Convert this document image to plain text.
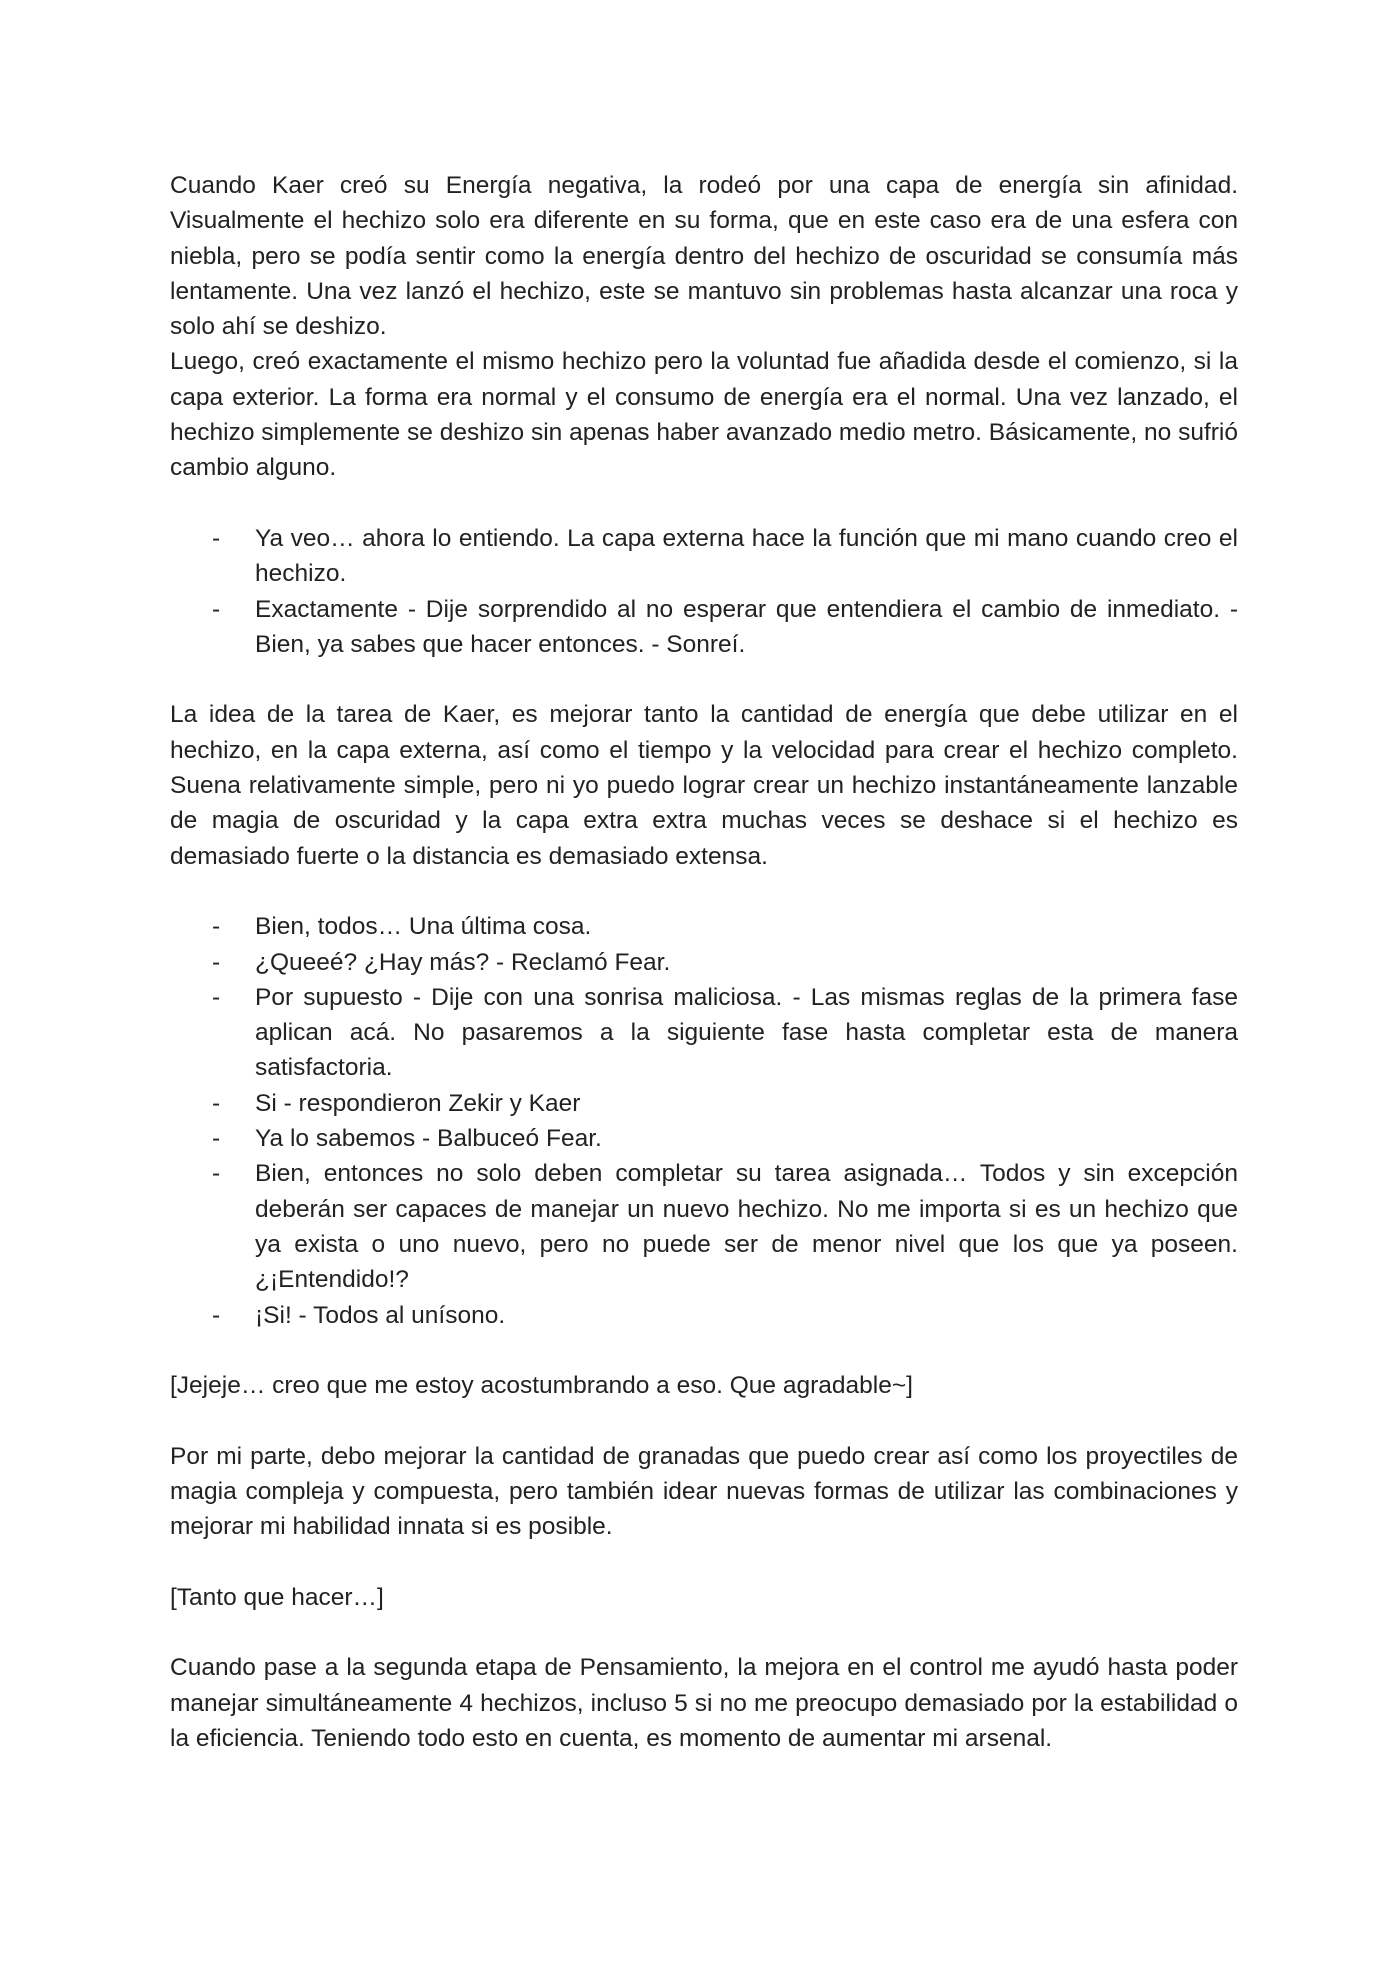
Cuando Kaer creó su Energía negativa, la rodeó por una capa de energía sin afinidad. Visualmente el hechizo solo era diferente en su forma, que en este caso era de una esfera con niebla, pero se podía sentir como la energía dentro del hechizo de oscuridad se consumía más lentamente. Una vez lanzó el hechizo, este se mantuvo sin problemas hasta alcanzar una roca y solo ahí se deshizo.

Luego, creó exactamente el mismo hechizo pero la voluntad fue añadida desde el comienzo, si la capa exterior. La forma era normal y el consumo de energía era el normal. Una vez lanzado, el hechizo simplemente se deshizo sin apenas haber avanzado medio metro. Básicamente, no sufrió cambio alguno.

- Ya veo… ahora lo entiendo. La capa externa hace la función que mi mano cuando creo el hechizo.
- Exactamente - Dije sorprendido al no esperar que entendiera el cambio de inmediato. - Bien, ya sabes que hacer entonces. - Sonreí.

La idea de la tarea de Kaer, es mejorar tanto la cantidad de energía que debe utilizar en el hechizo, en la capa externa, así como el tiempo y la velocidad para crear el hechizo completo. Suena relativamente simple, pero ni yo puedo lograr crear un hechizo instantáneamente lanzable de magia de oscuridad y la capa extra extra muchas veces se deshace si el hechizo es demasiado fuerte o la distancia es demasiado extensa.

- Bien, todos… Una última cosa.
- ¿Queeé? ¿Hay más? - Reclamó Fear.
- Por supuesto - Dije con una sonrisa maliciosa. - Las mismas reglas de la primera fase aplican acá. No pasaremos a la siguiente fase hasta completar esta de manera satisfactoria.
- Si - respondieron Zekir y Kaer
- Ya lo sabemos - Balbuceó Fear.
- Bien, entonces no solo deben completar su tarea asignada… Todos y sin excepción deberán ser capaces de manejar un nuevo hechizo. No me importa si es un hechizo que ya exista o uno nuevo, pero no puede ser de menor nivel que los que ya poseen. ¿¡Entendido!?
- ¡Si! - Todos al unísono.

[Jejeje… creo que me estoy acostumbrando a eso. Que agradable~]

Por mi parte, debo mejorar la cantidad de granadas que puedo crear así como los proyectiles de magia compleja y compuesta, pero también idear nuevas formas de utilizar las combinaciones y mejorar mi habilidad innata si es posible.

[Tanto que hacer…]

Cuando pase a la segunda etapa de Pensamiento, la mejora en el control me ayudó hasta poder manejar simultáneamente 4 hechizos, incluso 5 si no me preocupo demasiado por la estabilidad o la eficiencia. Teniendo todo esto en cuenta, es momento de aumentar mi arsenal.
